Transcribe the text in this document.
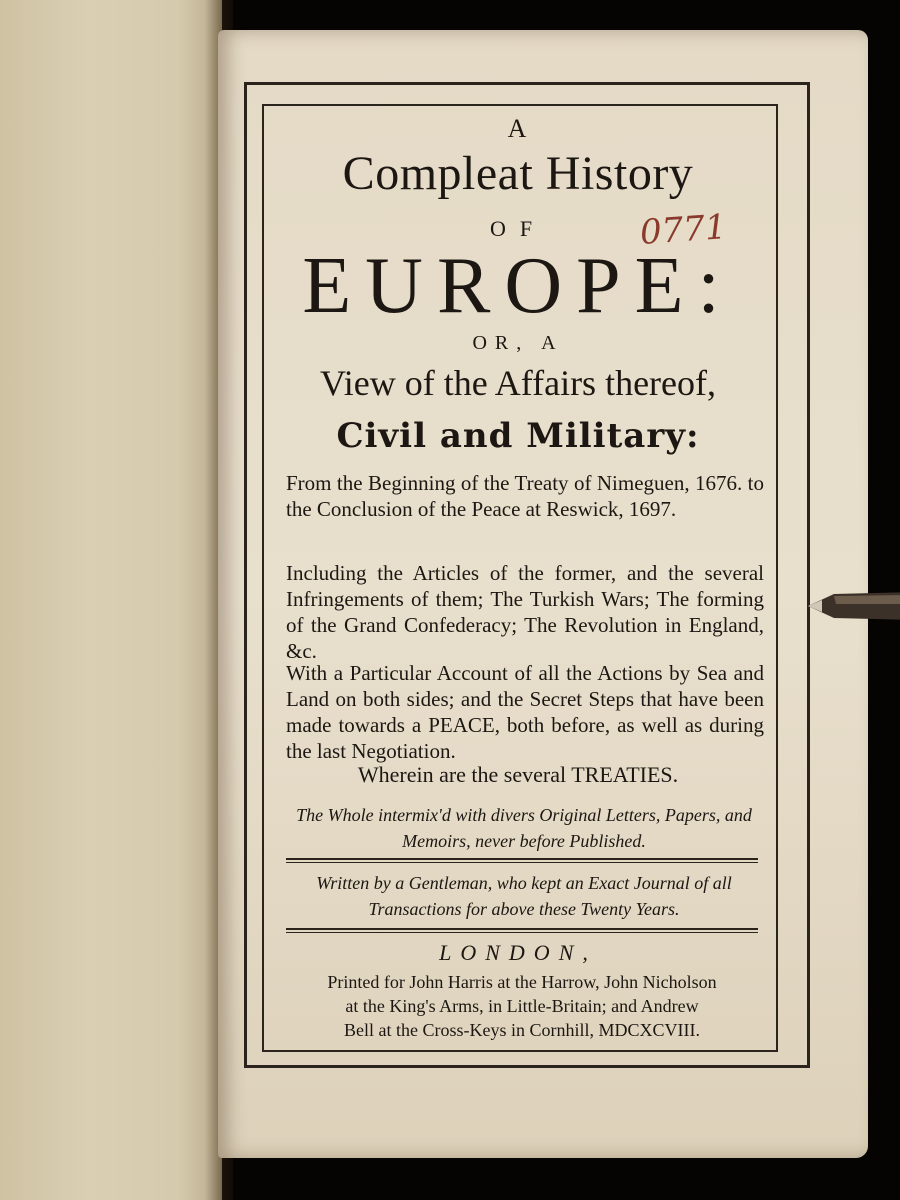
A
Compleat History
OF
EUROPE:
OR, A
View of the Affairs thereof,
Civil and Military:
From the Beginning of the Treaty of Nimeguen, 1676. to the Conclusion of the Peace at Reswick, 1697.
Including the Articles of the former, and the several Infringements of them; The Turkish Wars; The forming of the Grand Confederacy; The Revolution in England, &c.
With a Particular Account of all the Actions by Sea and Land on both sides; and the Secret Steps that have been made towards a PEACE, both before, as well as during the last Negotiation.
Wherein are the several TREATIES.
The Whole intermix'd with divers Original Letters, Papers, and Memoirs, never before Published.
Written by a Gentleman, who kept an Exact Journal of all Transactions for above these Twenty Years.
LONDON,
Printed for John Harris at the Harrow, John Nicholson
at the King's Arms, in Little-Britain; and Andrew
Bell at the Cross-Keys in Cornhill, MDCXCVIII.
0771
